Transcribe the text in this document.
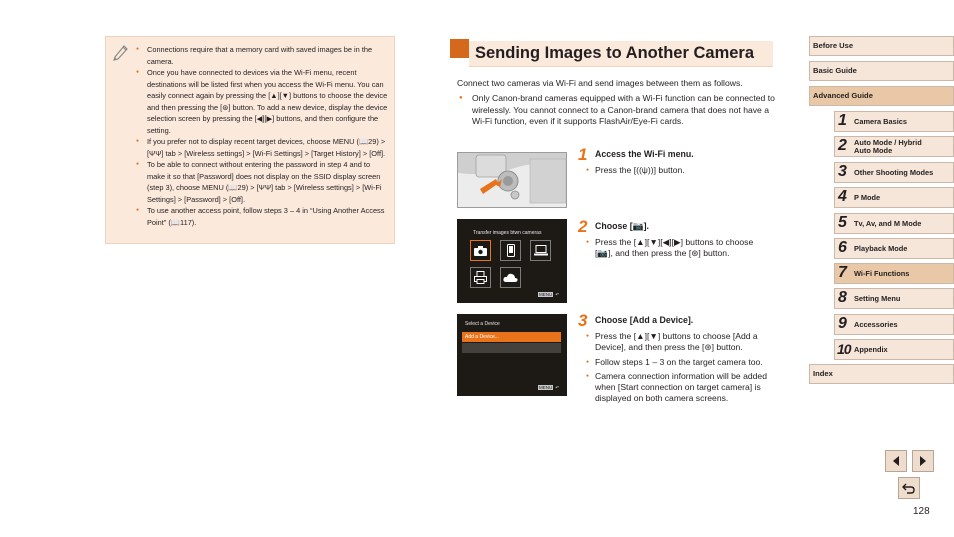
● Connections require that a memory card with saved images be in the camera.
● Once you have connected to devices via the Wi-Fi menu, recent destinations will be listed first when you access the Wi-Fi menu. You can easily connect again by pressing the [▲][▼] buttons to choose the device and then pressing the [⊛] button. To add a new device, display the device selection screen by pressing the [◀][▶] buttons, and then configure the setting.
● If you prefer not to display recent target devices, choose MENU (📖29) > [ΨΨ] tab > [Wireless settings] > [Wi-Fi Settings] > [Target History] > [Off].
● To be able to connect without entering the password in step 4 and to make it so that [Password] does not display on the SSID display screen (step 3), choose MENU (📖29) > [ΨΨ] tab > [Wireless settings] > [Wi-Fi Settings] > [Password] > [Off].
● To use another access point, follow steps 3 – 4 in “Using Another Access Point” (📖117).
Sending Images to Another Camera
Connect two cameras via Wi-Fi and send images between them as follows.
● Only Canon-brand cameras equipped with a Wi-Fi function can be connected to wirelessly. You cannot connect to a Canon-brand camera that does not have a Wi-Fi function, even if it supports FlashAir/Eye-Fi cards.
1 Access the Wi-Fi menu.
● Press the [((ψ))] button.
Transfer images btwn cameras
MENU ↶
2 Choose [📷].
● Press the [▲][▼][◀][▶] buttons to choose [📷], and then press the [⊛] button.
Select a Device
Add a Device...
MENU ↶
3 Choose [Add a Device].
● Press the [▲][▼] buttons to choose [Add a Device], and then press the [⊛] button.
● Follow steps 1 – 3 on the target camera too.
● Camera connection information will be added when [Start connection on target camera] is displayed on both camera screens.
Before Use
Basic Guide
Advanced Guide
1 Camera Basics
2 Auto Mode / Hybrid Auto Mode
3 Other Shooting Modes
4 P Mode
5 Tv, Av, and M Mode
6 Playback Mode
7 Wi-Fi Functions
8 Setting Menu
9 Accessories
10 Appendix
Index
128
